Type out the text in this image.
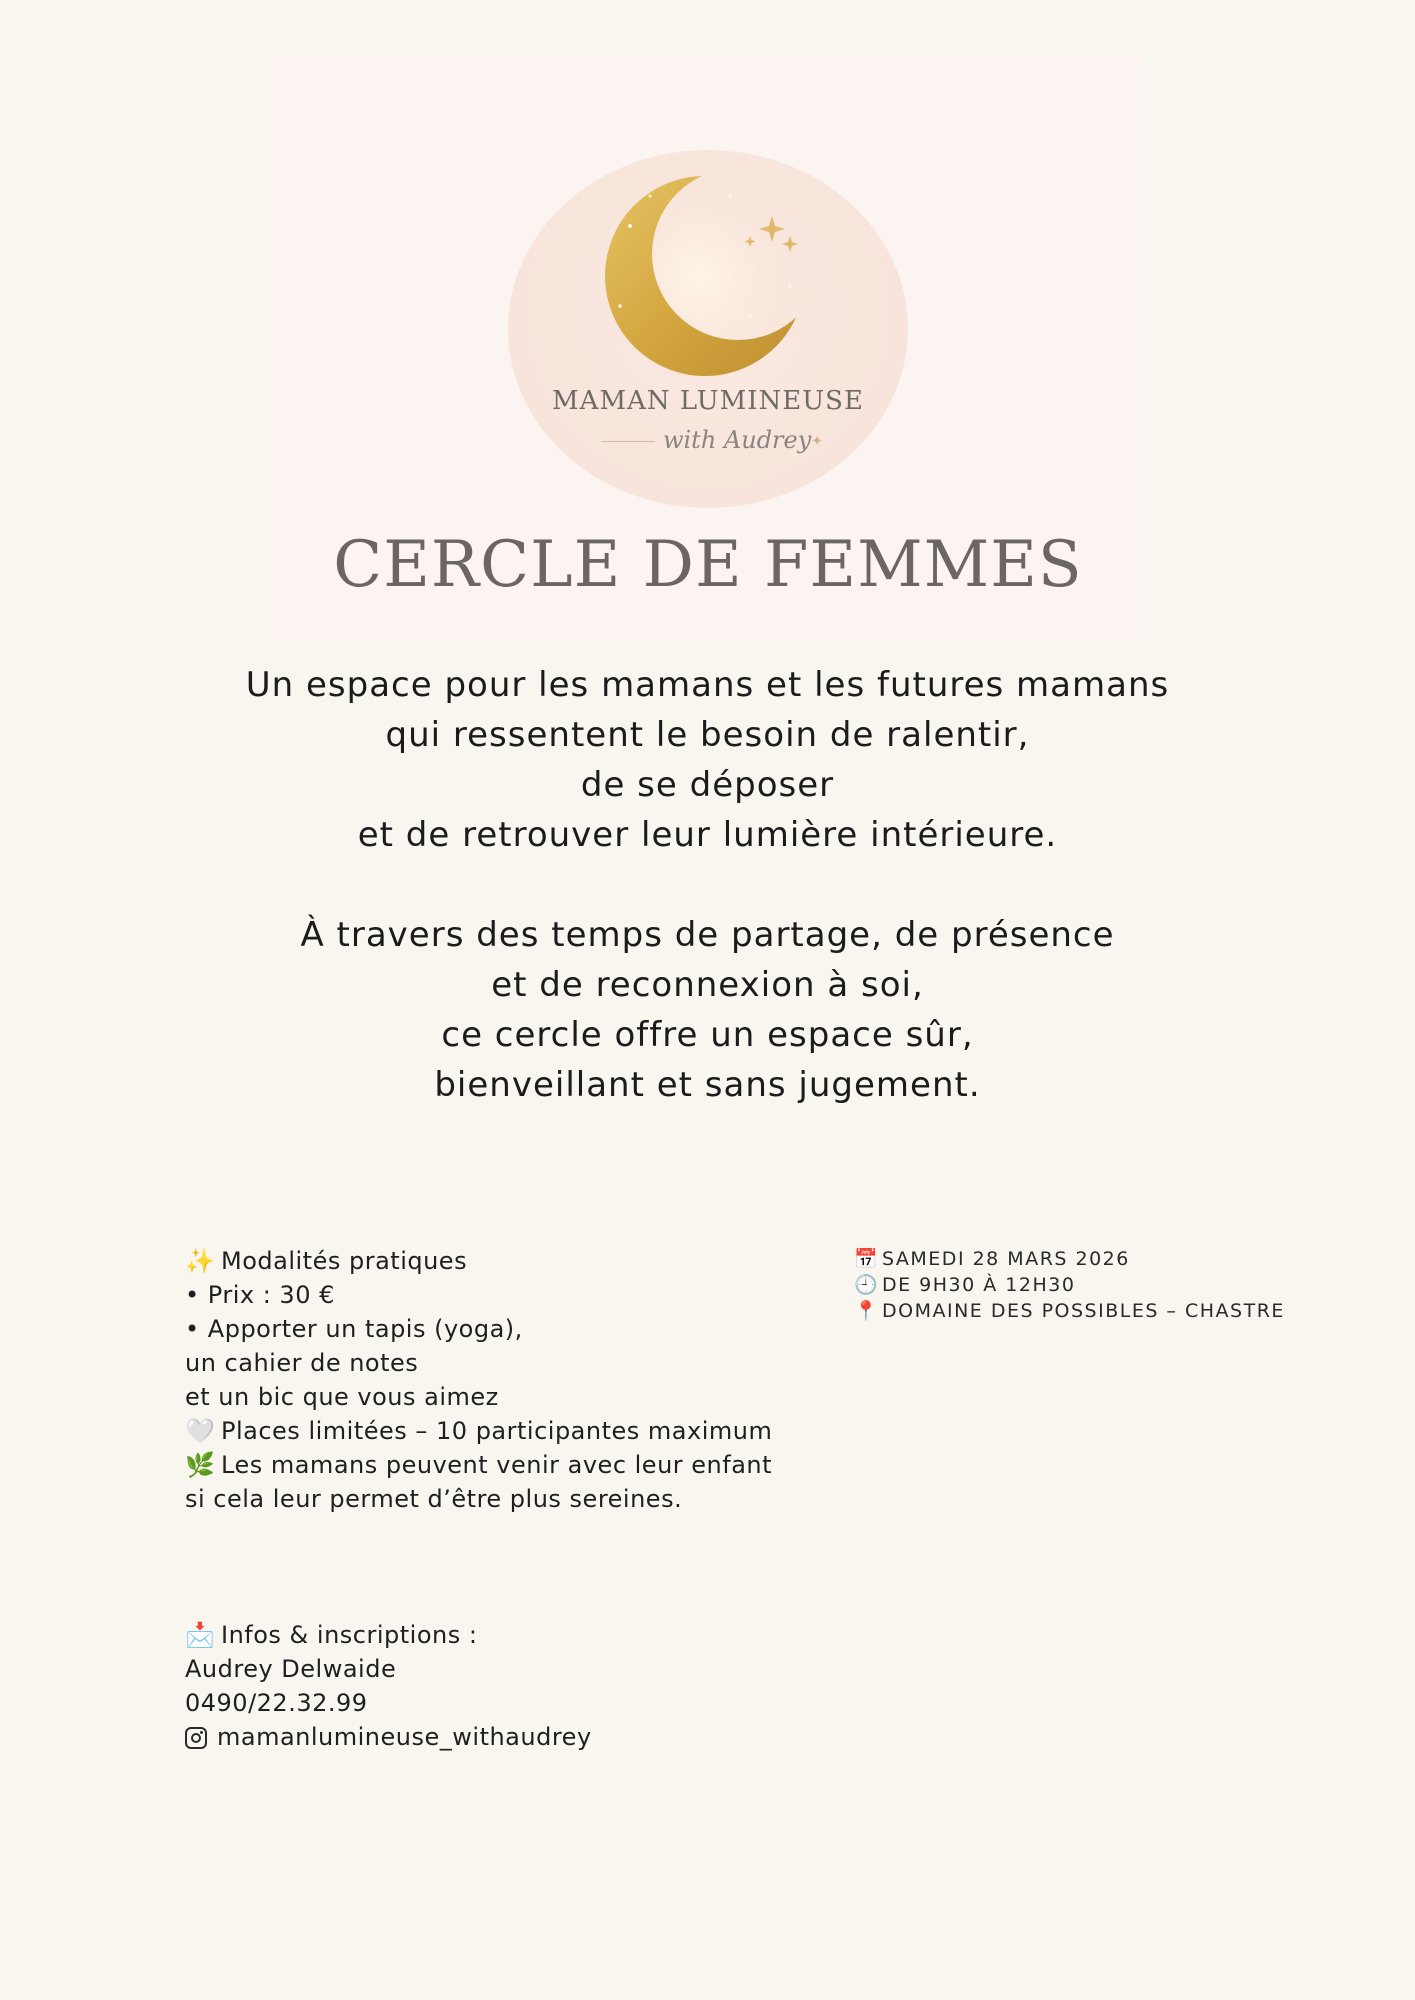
MAMAN LUMINEUSE
with Audrey✦
CERCLE DE FEMMES

Un espace pour les mamans et les futures mamans
qui ressentent le besoin de ralentir,
de se déposer
et de retrouver leur lumière intérieure.

À travers des temps de partage, de présence
et de reconnexion à soi,
ce cercle offre un espace sûr,
bienveillant et sans jugement.

✨ Modalités pratiques
• Prix : 30 €
• Apporter un tapis (yoga),
un cahier de notes
et un bic que vous aimez
🤍 Places limitées – 10 participantes maximum
🌿 Les mamans peuvent venir avec leur enfant
si cela leur permet d’être plus sereines.
📅 SAMEDI 28 MARS 2026
🕘 DE 9H30 À 12H30
📍 DOMAINE DES POSSIBLES – CHASTRE
📩 Infos & inscriptions :
Audrey Delwaide
0490/22.32.99
mamanlumineuse_withaudrey
